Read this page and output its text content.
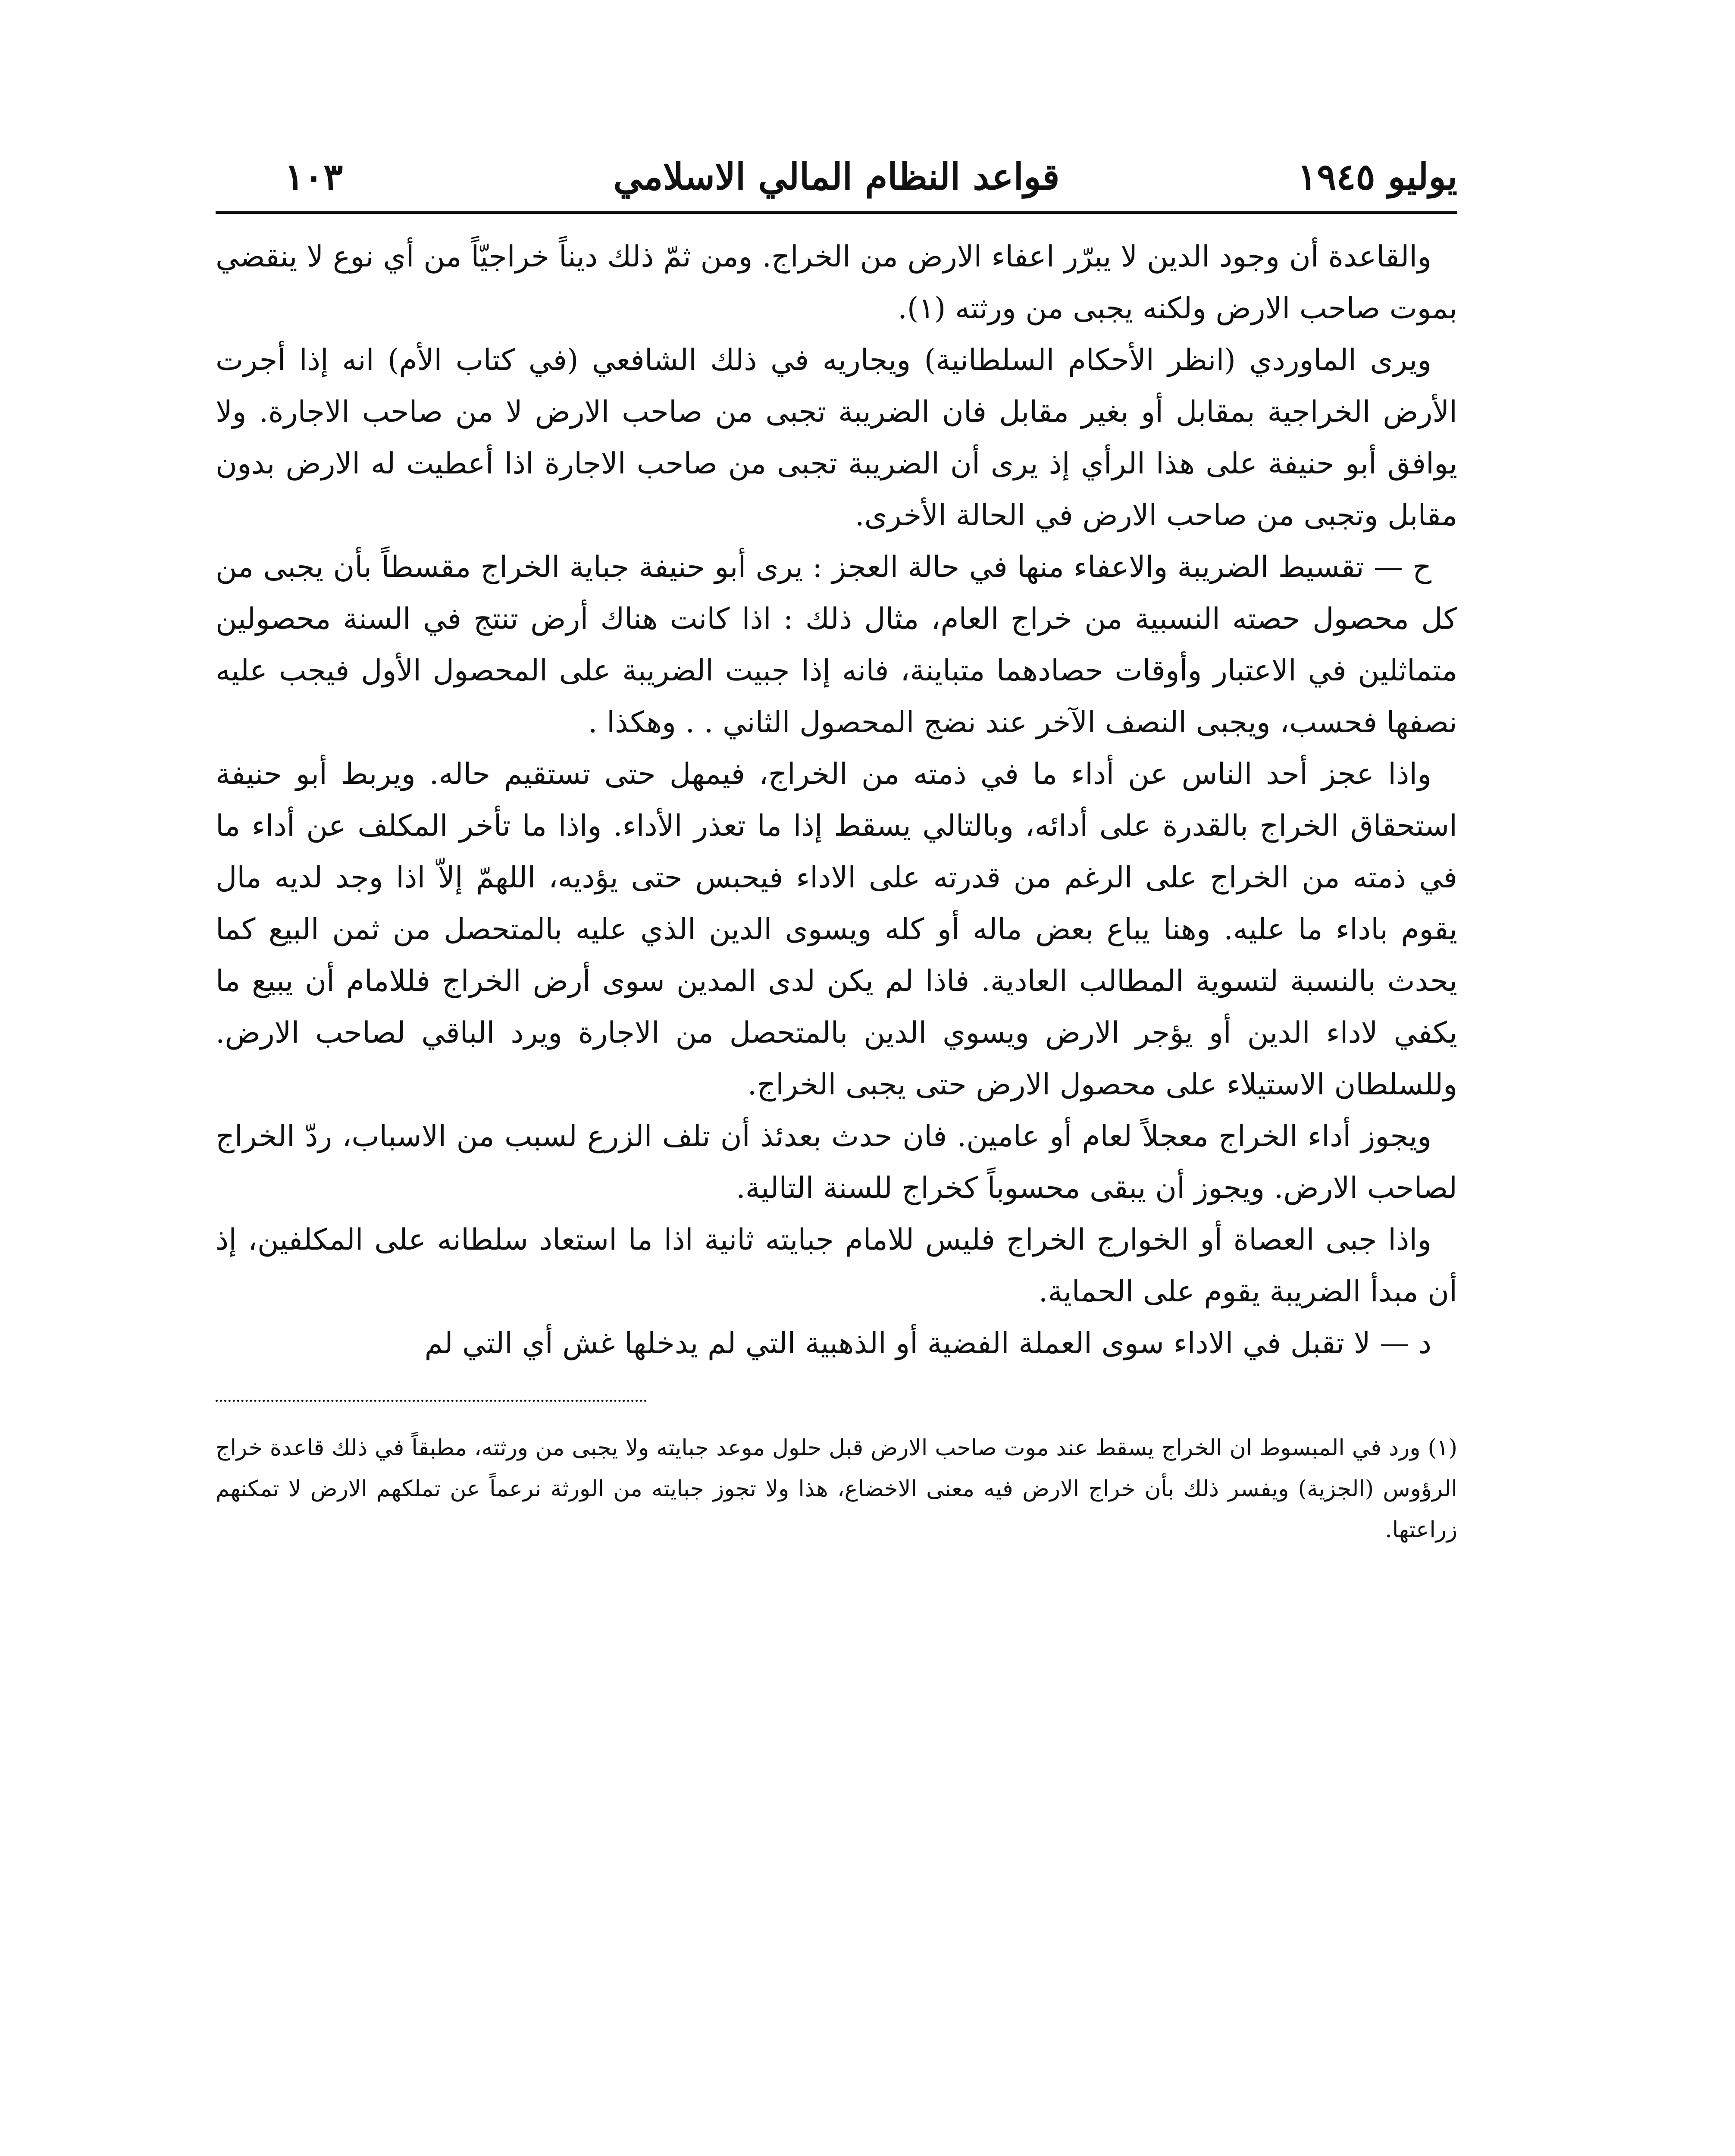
يوليو ١٩٤٥
قواعد النظام المالي الاسلامي
١٠٣

والقاعدة أن وجود الدين لا يبرّر اعفاء الارض من الخراج. ومن ثمّ ذلك ديناً خراجيّاً من أي نوع لا ينقضي بموت صاحب الارض ولكنه يجبى من ورثته (١).

ويرى الماوردي (انظر الأحكام السلطانية) ويجاريه في ذلك الشافعي (في كتاب الأم) انه إذا أجرت الأرض الخراجية بمقابل أو بغير مقابل فان الضريبة تجبى من صاحب الارض لا من صاحب الاجارة. ولا يوافق أبو حنيفة على هذا الرأي إذ يرى أن الضريبة تجبى من صاحب الاجارة اذا أعطيت له الارض بدون مقابل وتجبى من صاحب الارض في الحالة الأخرى.

ح — تقسيط الضريبة والاعفاء منها في حالة العجز : يرى أبو حنيفة جباية الخراج مقسطاً بأن يجبى من كل محصول حصته النسبية من خراج العام، مثال ذلك : اذا كانت هناك أرض تنتج في السنة محصولين متماثلين في الاعتبار وأوقات حصادهما متباينة، فانه إذا جبيت الضريبة على المحصول الأول فيجب عليه نصفها فحسب، ويجبى النصف الآخر عند نضج المحصول الثاني . . وهكذا .

واذا عجز أحد الناس عن أداء ما في ذمته من الخراج، فيمهل حتى تستقيم حاله. ويربط أبو حنيفة استحقاق الخراج بالقدرة على أدائه، وبالتالي يسقط إذا ما تعذر الأداء. واذا ما تأخر المكلف عن أداء ما في ذمته من الخراج على الرغم من قدرته على الاداء فيحبس حتى يؤديه، اللهمّ إلاّ اذا وجد لديه مال يقوم باداء ما عليه. وهنا يباع بعض ماله أو كله ويسوى الدين الذي عليه بالمتحصل من ثمن البيع كما يحدث بالنسبة لتسوية المطالب العادية. فاذا لم يكن لدى المدين سوى أرض الخراج فللامام أن يبيع ما يكفي لاداء الدين أو يؤجر الارض ويسوي الدين بالمتحصل من الاجارة ويرد الباقي لصاحب الارض. وللسلطان الاستيلاء على محصول الارض حتى يجبى الخراج.

ويجوز أداء الخراج معجلاً لعام أو عامين. فان حدث بعدئذ أن تلف الزرع لسبب من الاسباب، ردّ الخراج لصاحب الارض. ويجوز أن يبقى محسوباً كخراج للسنة التالية.

واذا جبى العصاة أو الخوارج الخراج فليس للامام جبايته ثانية اذا ما استعاد سلطانه على المكلفين، إذ أن مبدأ الضريبة يقوم على الحماية.

د — لا تقبل في الاداء سوى العملة الفضية أو الذهبية التي لم يدخلها غش أي التي لم

(١) ورد في المبسوط ان الخراج يسقط عند موت صاحب الارض قبل حلول موعد جبايته ولا يجبى من ورثته، مطبقاً في ذلك قاعدة خراج الرؤوس (الجزية) ويفسر ذلك بأن خراج الارض فيه معنى الاخضاع، هذا ولا تجوز جبايته من الورثة نرعماً عن تملكهم الارض لا تمكنهم زراعتها.
